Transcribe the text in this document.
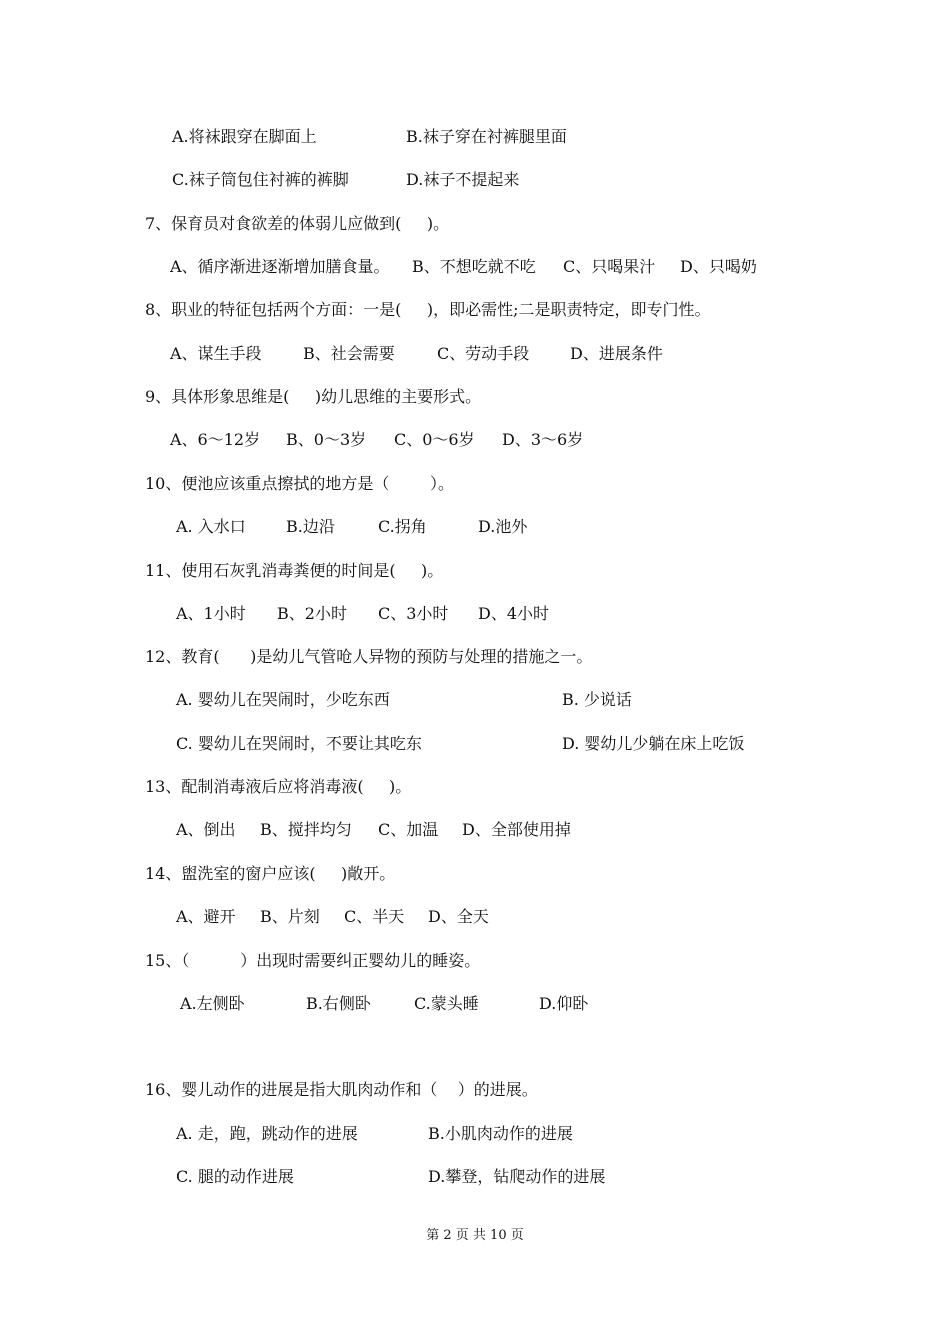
A.将袜跟穿在脚面上	B.袜子穿在衬裤腿里面

C.袜子筒包住衬裤的裤脚	D.袜子不提起来

7、保育员对食欲差的体弱儿应做到(     )。

A、循序渐进逐渐增加膳食量。 B、不想吃就不吃 C、只喝果汁 D、只喝奶

8、职业的特征包括两个方面：一是(     )，即必需性;二是职责特定，即专门性。

A、谋生手段	B、社会需要	C、劳动手段	D、进展条件

9、具体形象思维是(     )幼儿思维的主要形式。

A、6～12岁 B、0～3岁 C、0～6岁 D、3～6岁

10、便池应该重点擦拭的地方是（        ）。

A. 入水口	B.边沿	C.拐角	D.池外

11、使用石灰乳消毒粪便的时间是(     )。

A、1小时 B、2小时 C、3小时 D、4小时

12、教育(      )是幼儿气管呛人异物的预防与处理的措施之一。

A. 婴幼儿在哭闹时，少吃东西	B. 少说话

C. 婴幼儿在哭闹时，不要让其吃东	D. 婴幼儿少躺在床上吃饭

13、配制消毒液后应将消毒液(     )。

A、倒出 B、搅拌均匀 C、加温 D、全部使用掉

14、盥洗室的窗户应该(     )敞开。

A、避开 B、片刻 C、半天 D、全天

15、（          ）出现时需要纠正婴幼儿的睡姿。

A.左侧卧	B.右侧卧	C.蒙头睡	D.仰卧

16、婴儿动作的进展是指大肌肉动作和（    ）的进展。

A. 走，跑，跳动作的进展	B.小肌肉动作的进展

C. 腿的动作进展	D.攀登，钻爬动作的进展

第 2 页 共 10 页
